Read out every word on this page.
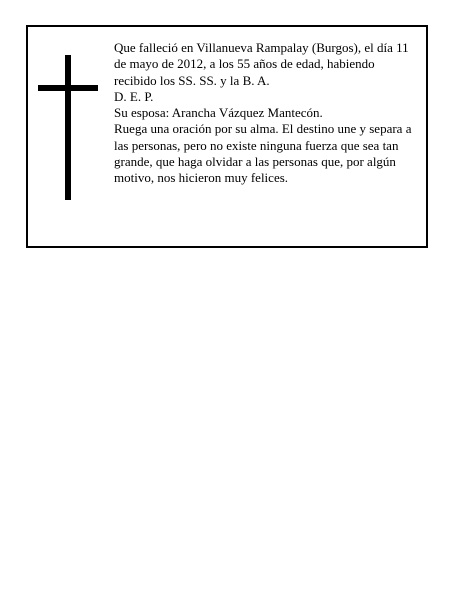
Que falleció en Villanueva Rampalay (Burgos), el día 11 de mayo de 2012, a los 55 años de edad, habiendo recibido los SS. SS. y la B. A.

D. E. P.

Su esposa: Arancha Vázquez Mantecón.

Ruega una oración por su alma. El destino une y separa a las personas, pero no existe ninguna fuerza que sea tan grande, que haga olvidar a las personas que, por algún motivo, nos hicieron muy felices.
